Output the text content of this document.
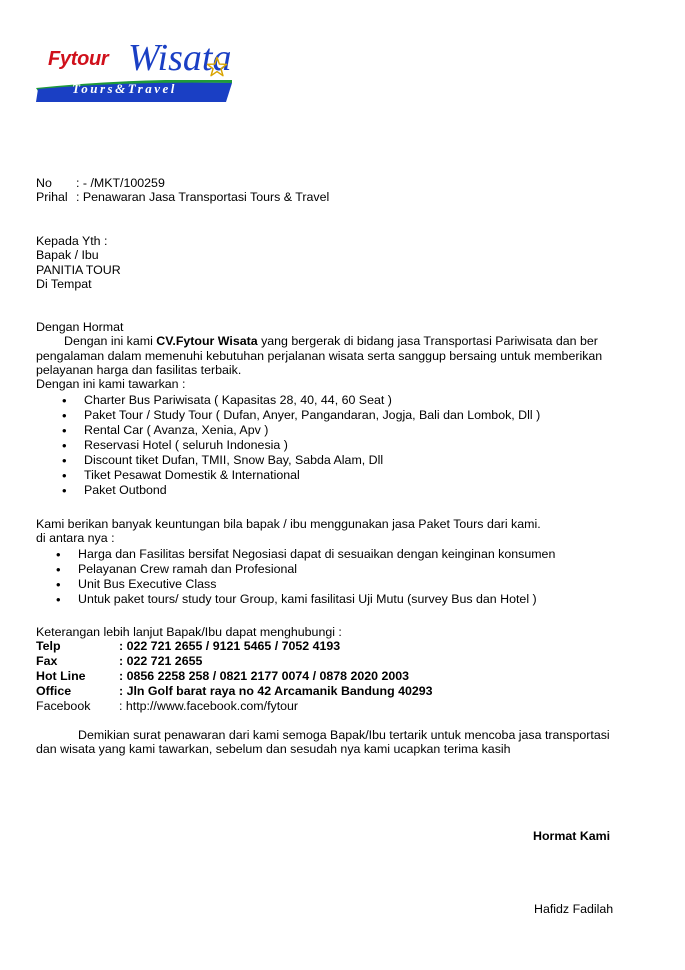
Fytour Wisata
Tours&Travel
No : - /MKT/100259
Prihal : Penawaran Jasa Transportasi Tours & Travel
Kepada Yth :
Bapak / Ibu
PANITIA TOUR
Di Tempat
Dengan Hormat
Dengan ini kami CV.Fytour Wisata yang bergerak di bidang jasa Transportasi Pariwisata dan ber
pengalaman dalam memenuhi kebutuhan perjalanan wisata serta sanggup bersaing untuk memberikan
pelayanan harga dan fasilitas terbaik.
Dengan ini kami tawarkan :
• Charter Bus Pariwisata ( Kapasitas 28, 40, 44, 60 Seat )
• Paket Tour / Study Tour ( Dufan, Anyer, Pangandaran, Jogja, Bali dan Lombok, Dll )
• Rental Car ( Avanza, Xenia, Apv )
• Reservasi Hotel ( seluruh Indonesia )
• Discount tiket Dufan, TMII, Snow Bay, Sabda Alam, Dll
• Tiket Pesawat Domestik & International
• Paket Outbond
Kami berikan banyak keuntungan bila bapak / ibu menggunakan jasa Paket Tours dari kami.
di antara nya :
• Harga dan Fasilitas bersifat Negosiasi dapat di sesuaikan dengan keinginan konsumen
• Pelayanan Crew ramah dan Profesional
• Unit Bus Executive Class
• Untuk paket tours/ study tour Group, kami fasilitasi Uji Mutu (survey Bus dan Hotel )
Keterangan lebih lanjut Bapak/Ibu dapat menghubungi :
Telp	: 022 721 2655 / 9121 5465 / 7052 4193
Fax	: 022 721 2655
Hot Line	: 0856 2258 258 / 0821 2177 0074 / 0878 2020 2003
Office	: Jln Golf barat raya no 42 Arcamanik Bandung 40293
Facebook : http://www.facebook.com/fytour
Demikian surat penawaran dari kami semoga Bapak/Ibu tertarik untuk mencoba jasa transportasi
dan wisata yang kami tawarkan, sebelum dan sesudah nya kami ucapkan terima kasih
Hormat Kami
Hafidz Fadilah
